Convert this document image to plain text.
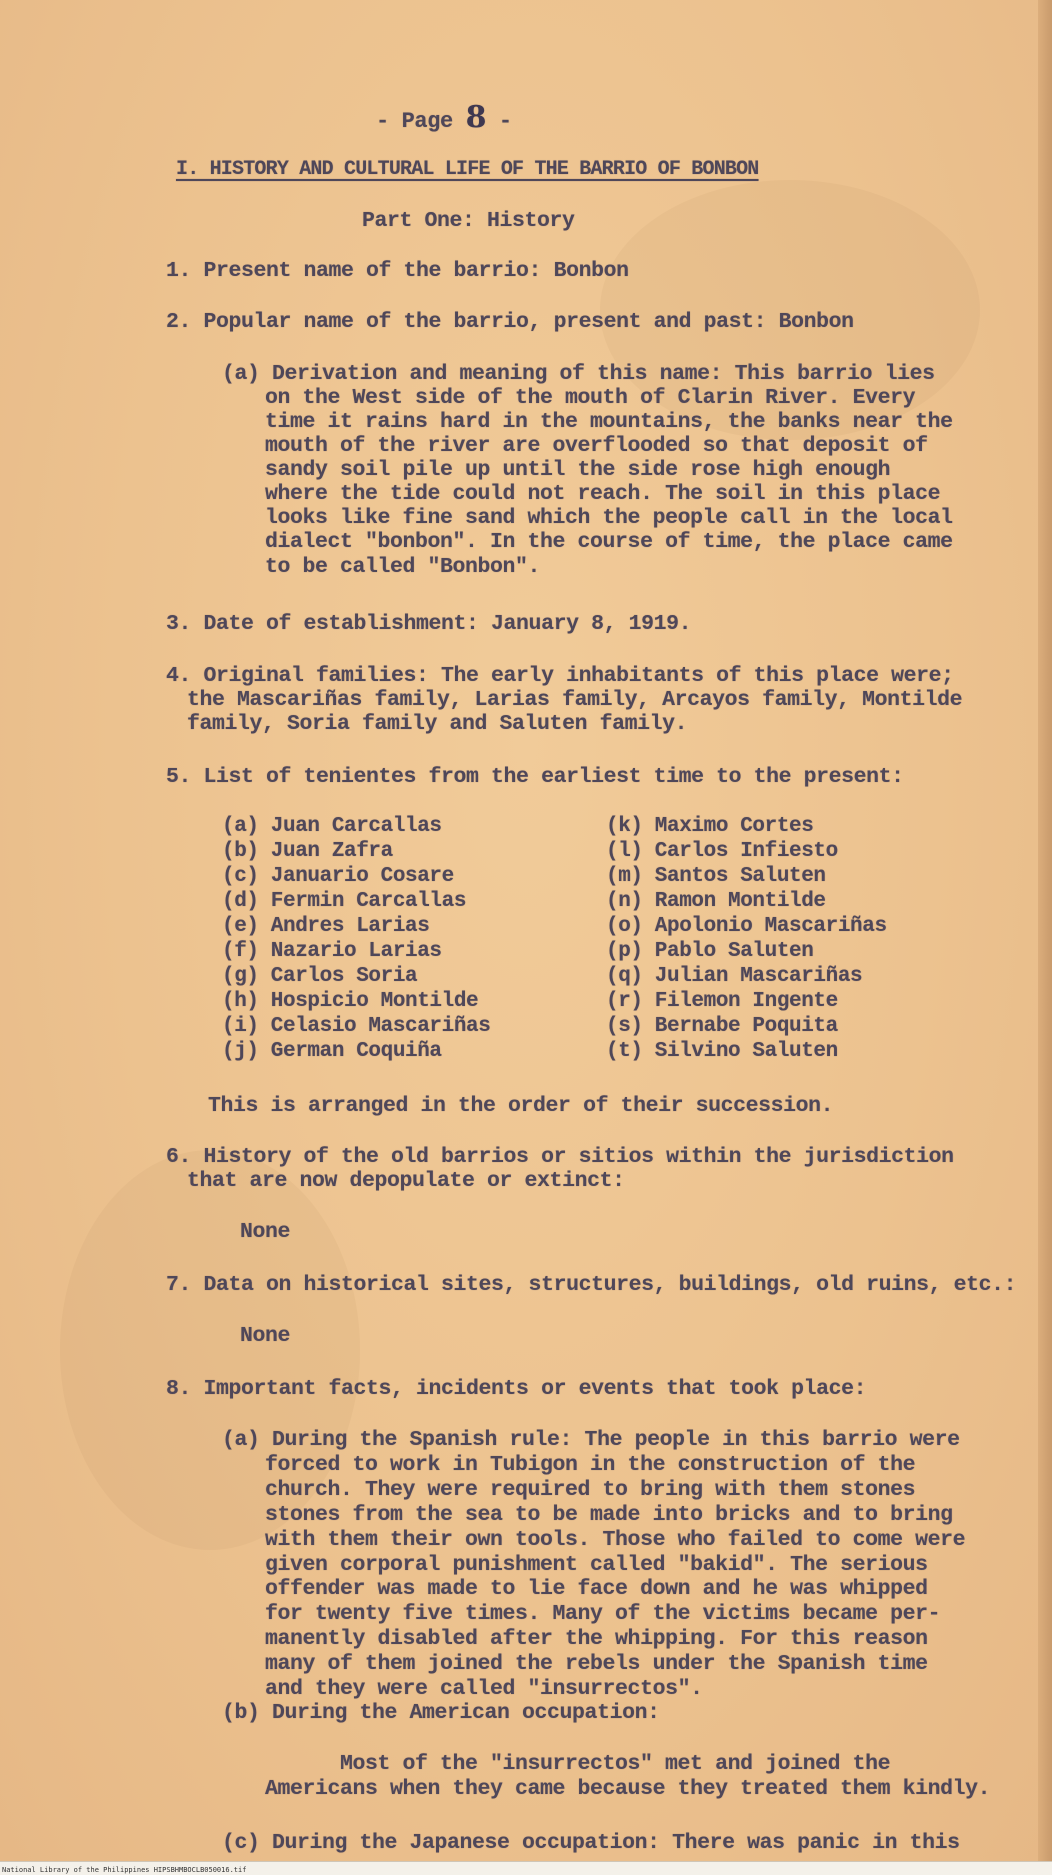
- Page 8 -
I. HISTORY AND CULTURAL LIFE OF THE BARRIO OF BONBON
Part One: History
1. Present name of the barrio: Bonbon
2. Popular name of the barrio, present and past: Bonbon
(a) Derivation and meaning of this name: This barrio lies
on the West side of the mouth of Clarin River. Every
time it rains hard in the mountains, the banks near the
mouth of the river are overflooded so that deposit of
sandy soil pile up until the side rose high enough
where the tide could not reach. The soil in this place
looks like fine sand which the people call in the local
dialect "bonbon". In the course of time, the place came
to be called "Bonbon".
3. Date of establishment: January 8, 1919.
4. Original families: The early inhabitants of this place were;
the Mascariñas family, Larias family, Arcayos family, Montilde
family, Soria family and Saluten family.
5. List of tenientes from the earliest time to the present:
(a) Juan Carcallas
(b) Juan Zafra
(c) Januario Cosare
(d) Fermin Carcallas
(e) Andres Larias
(f) Nazario Larias
(g) Carlos Soria
(h) Hospicio Montilde
(i) Celasio Mascariñas
(j) German Coquiña
(k) Maximo Cortes
(l) Carlos Infiesto
(m) Santos Saluten
(n) Ramon Montilde
(o) Apolonio Mascariñas
(p) Pablo Saluten
(q) Julian Mascariñas
(r) Filemon Ingente
(s) Bernabe Poquita
(t) Silvino Saluten
This is arranged in the order of their succession.
6. History of the old barrios or sitios within the jurisdiction
that are now depopulate or extinct:
None
7. Data on historical sites, structures, buildings, old ruins, etc.:
None
8. Important facts, incidents or events that took place:
(a) During the Spanish rule: The people in this barrio were
forced to work in Tubigon in the construction of the
church. They were required to bring with them stones
stones from the sea to be made into bricks and to bring
with them their own tools. Those who failed to come were
given corporal punishment called "bakid". The serious
offender was made to lie face down and he was whipped
for twenty five times. Many of the victims became per-
manently disabled after the whipping. For this reason
many of them joined the rebels under the Spanish time
and they were called "insurrectos".
(b) During the American occupation:
Most of the "insurrectos" met and joined the
Americans when they came because they treated them kindly.
(c) During the Japanese occupation: There was panic in this
National Library of the Philippines HIPSBHMBOCLB050016.tif
